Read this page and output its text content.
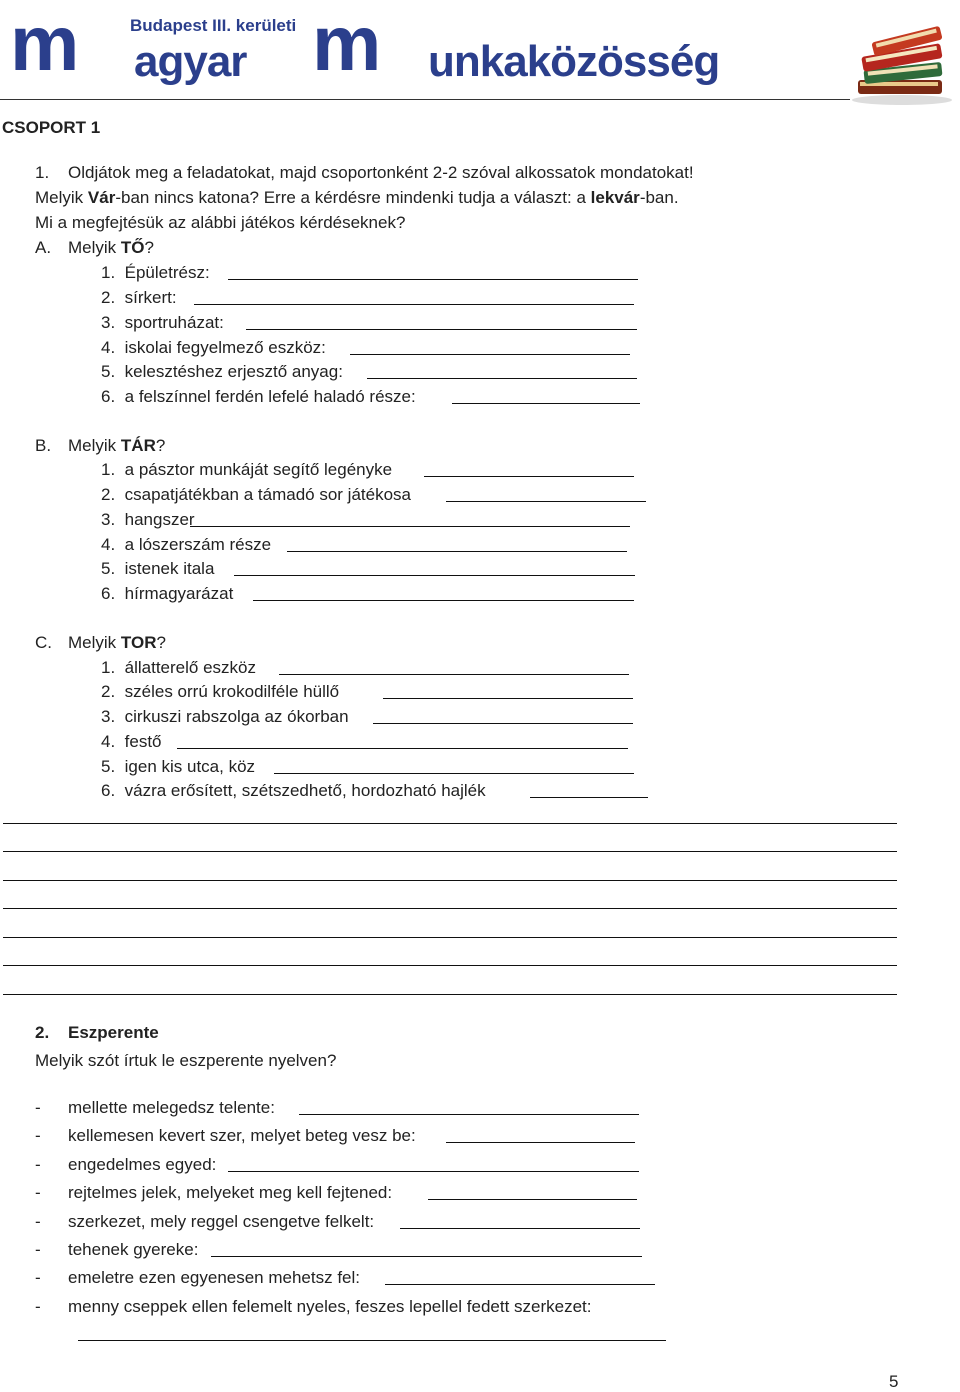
m	Budapest III. kerületi
agyar m unkaközösség
CSOPORT 1
1. Oldjátok meg a feladatokat, majd csoportonként 2-2 szóval alkossatok mondatokat!
Melyik Vár-ban nincs katona? Erre a kérdésre mindenki tudja a választ: a lekvár-ban.
Mi a megfejtésük az alábbi játékos kérdéseknek?
A. Melyik TŐ?
1. Épületrész:
2. sírkert:
3. sportruházat:
4. iskolai fegyelmező eszköz:
5. kelesztéshez erjesztő anyag:
6. a felszínnel ferdén lefelé haladó része:
B. Melyik TÁR?
1. a pásztor munkáját segítő legényke
2. csapatjátékban a támadó sor játékosa
3. hangszer
4. a lószerszám része
5. istenek itala
6. hírmagyarázat
C. Melyik TOR?
1. állatterelő eszköz
2. széles orrú krokodilféle hüllő
3. cirkuszi rabszolga az ókorban
4. festő
5. igen kis utca, köz
6. vázra erősített, szétszedhető, hordozható hajlék
2. Eszperente
Melyik szót írtuk le eszperente nyelven?
- mellette melegedsz telente:
- kellemesen kevert szer, melyet beteg vesz be:
- engedelmes egyed:
- rejtelmes jelek, melyeket meg kell fejtened:
- szerkezet, mely reggel csengetve felkelt:
- tehenek gyereke:
- emeletre ezen egyenesen mehetsz fel:
- menny cseppek ellen felemelt nyeles, feszes lepellel fedett szerkezet:
5
